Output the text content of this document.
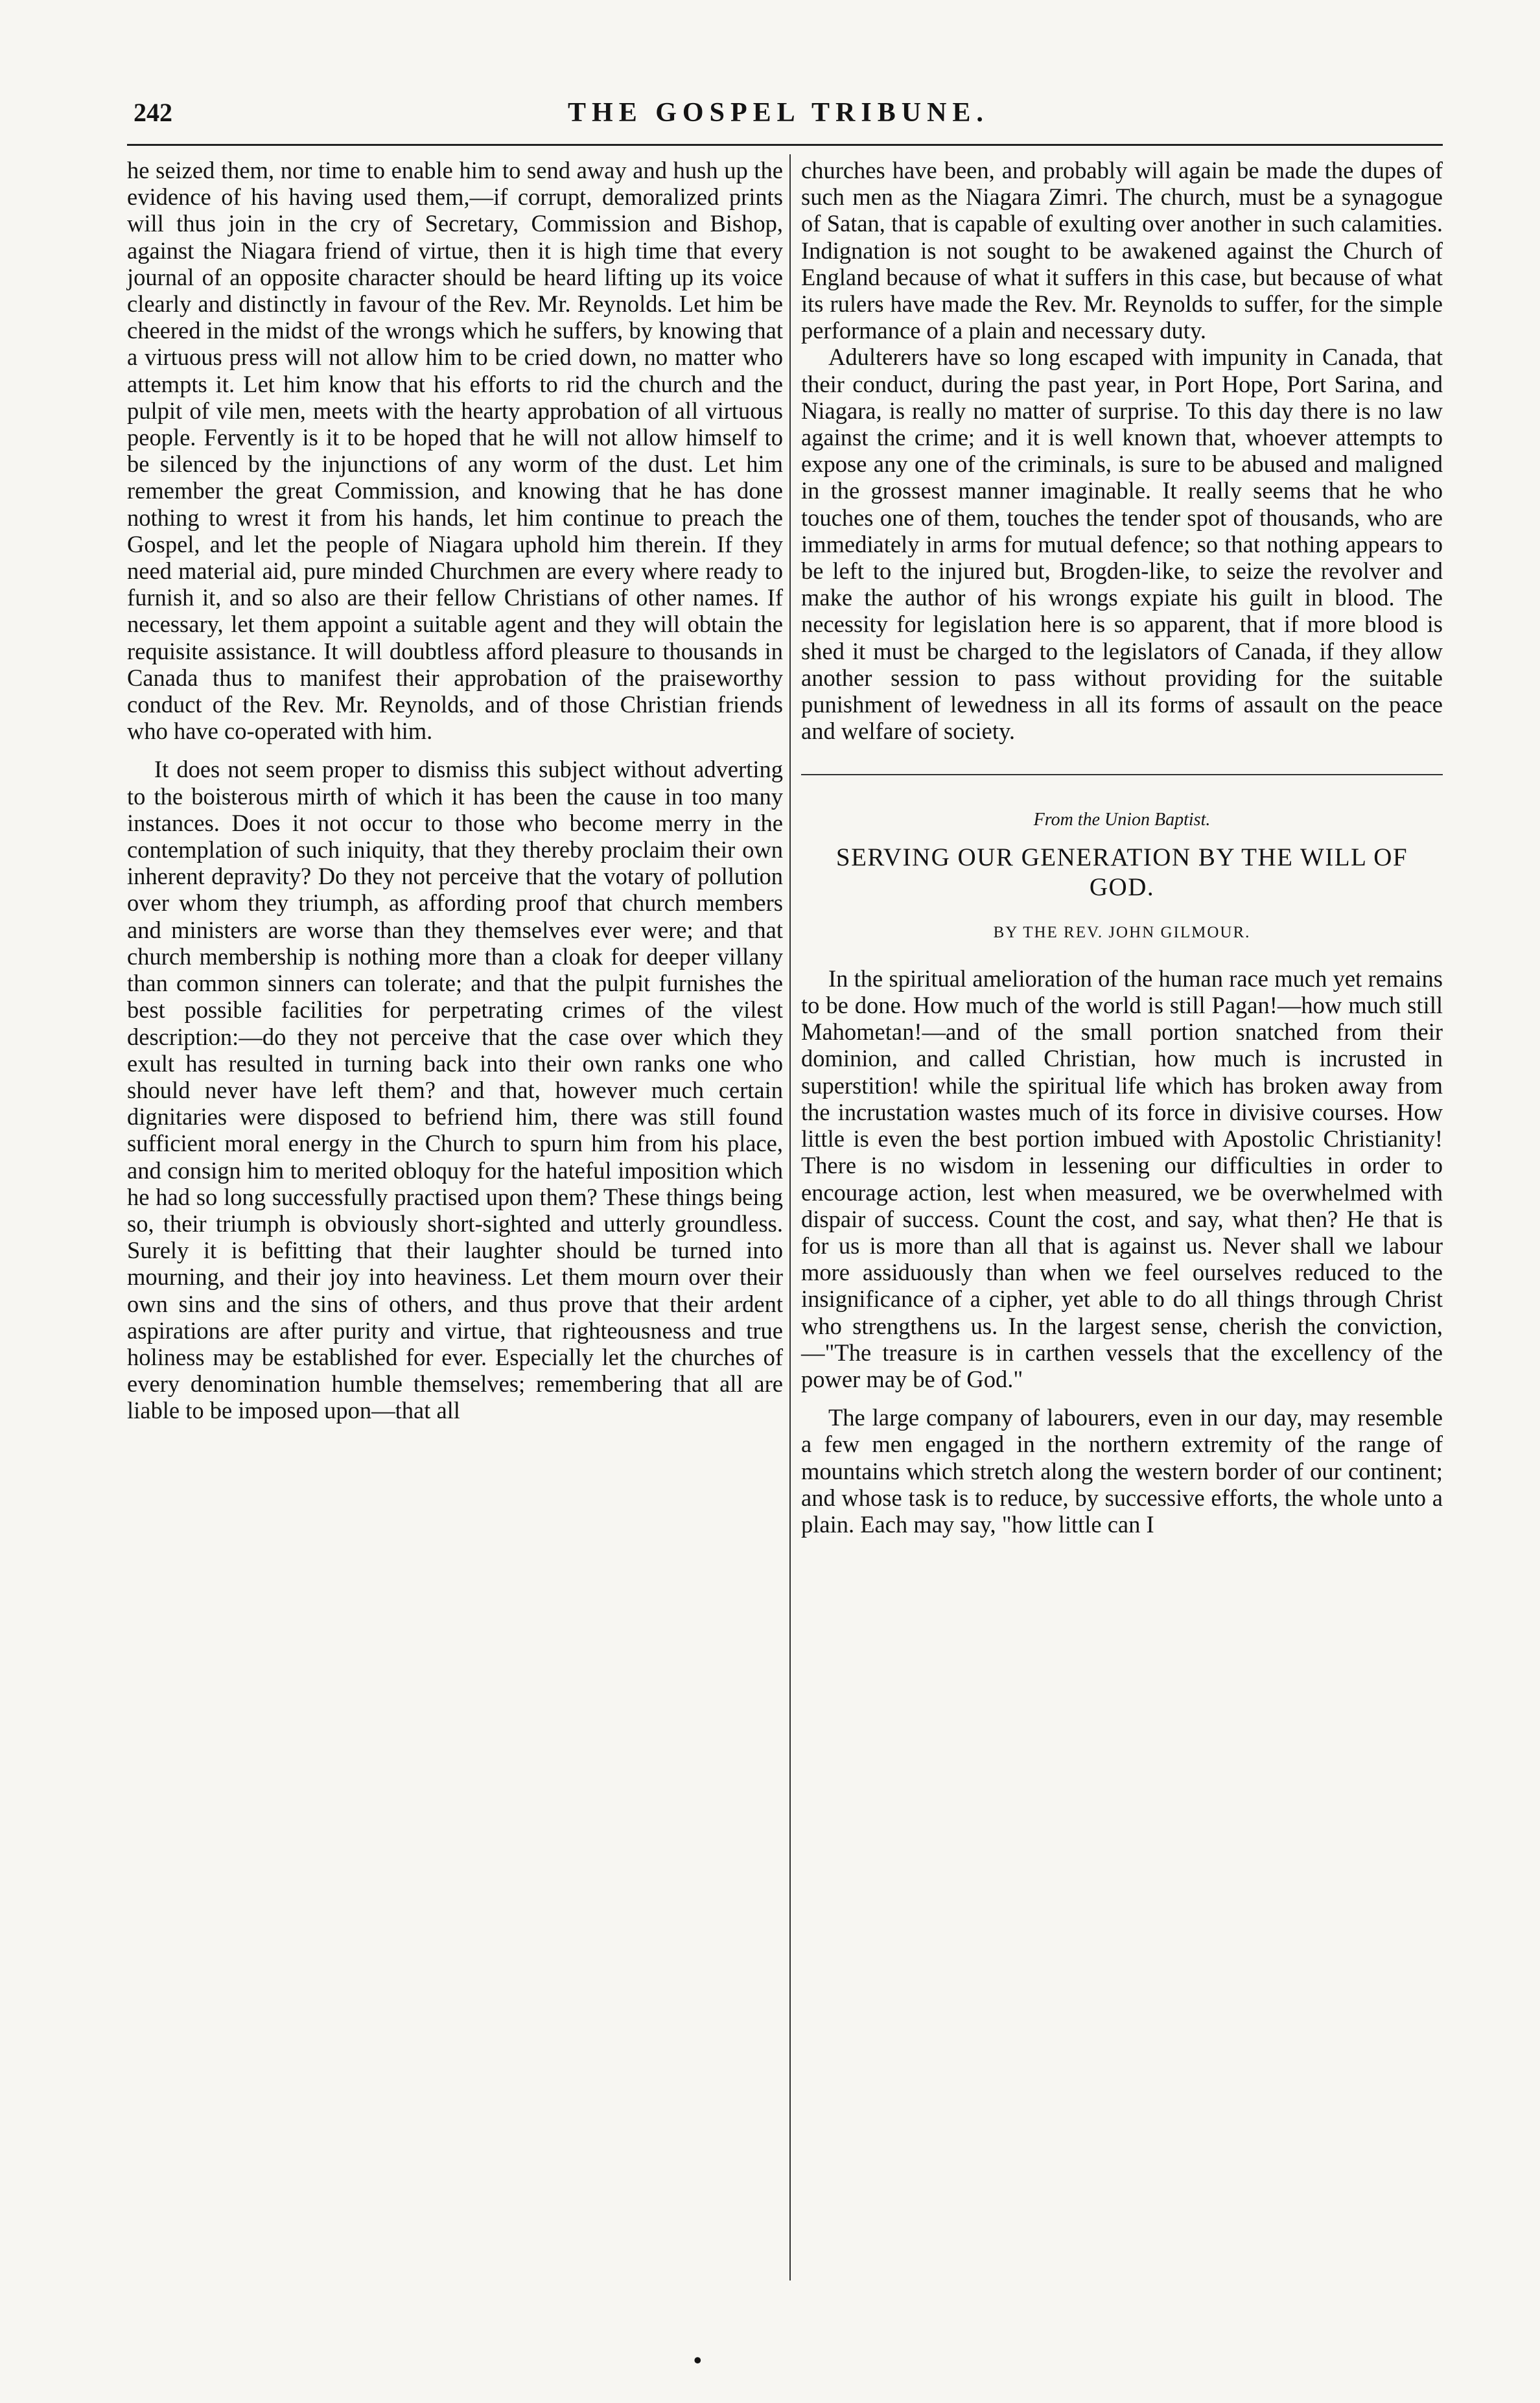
242	THE GOSPEL TRIBUNE.

he seized them, nor time to enable him to send away and hush up the evidence of his having used them,—if corrupt, demoralized prints will thus join in the cry of Secretary, Commission and Bishop, against the Niagara friend of virtue, then it is high time that every journal of an opposite character should be heard lifting up its voice clearly and distinctly in favour of the Rev. Mr. Reynolds. Let him be cheered in the midst of the wrongs which he suffers, by knowing that a virtuous press will not allow him to be cried down, no matter who attempts it. Let him know that his efforts to rid the church and the pulpit of vile men, meets with the hearty approbation of all virtuous people. Fervently is it to be hoped that he will not allow himself to be silenced by the injunctions of any worm of the dust. Let him remember the great Commission, and knowing that he has done nothing to wrest it from his hands, let him continue to preach the Gospel, and let the people of Niagara uphold him therein. If they need material aid, pure minded Churchmen are every where ready to furnish it, and so also are their fellow Christians of other names. If necessary, let them appoint a suitable agent and they will obtain the requisite assistance. It will doubtless afford pleasure to thousands in Canada thus to manifest their approbation of the praiseworthy conduct of the Rev. Mr. Reynolds, and of those Christian friends who have co-operated with him.

It does not seem proper to dismiss this subject without adverting to the boisterous mirth of which it has been the cause in too many instances. Does it not occur to those who become merry in the contemplation of such iniquity, that they thereby proclaim their own inherent depravity? Do they not perceive that the votary of pollution over whom they triumph, as affording proof that church members and ministers are worse than they themselves ever were; and that church membership is nothing more than a cloak for deeper villany than common sinners can tolerate; and that the pulpit furnishes the best possible facilities for perpetrating crimes of the vilest description:—do they not perceive that the case over which they exult has resulted in turning back into their own ranks one who should never have left them? and that, however much certain dignitaries were disposed to befriend him, there was still found sufficient moral energy in the Church to spurn him from his place, and consign him to merited obloquy for the hateful imposition which he had so long successfully practised upon them? These things being so, their triumph is obviously short-sighted and utterly groundless. Surely it is befitting that their laughter should be turned into mourning, and their joy into heaviness. Let them mourn over their own sins and the sins of others, and thus prove that their ardent aspirations are after purity and virtue, that righteousness and true holiness may be established for ever. Especially let the churches of every denomination humble themselves; remembering that all are liable to be imposed upon—that all

churches have been, and probably will again be made the dupes of such men as the Niagara Zimri. The church, must be a synagogue of Satan, that is capable of exulting over another in such calamities. Indignation is not sought to be awakened against the Church of England because of what it suffers in this case, but because of what its rulers have made the Rev. Mr. Reynolds to suffer, for the simple performance of a plain and necessary duty.

Adulterers have so long escaped with impunity in Canada, that their conduct, during the past year, in Port Hope, Port Sarina, and Niagara, is really no matter of surprise. To this day there is no law against the crime; and it is well known that, whoever attempts to expose any one of the criminals, is sure to be abused and maligned in the grossest manner imaginable. It really seems that he who touches one of them, touches the tender spot of thousands, who are immediately in arms for mutual defence; so that nothing appears to be left to the injured but, Brogden-like, to seize the revolver and make the author of his wrongs expiate his guilt in blood. The necessity for legislation here is so apparent, that if more blood is shed it must be charged to the legislators of Canada, if they allow another session to pass without providing for the suitable punishment of lewedness in all its forms of assault on the peace and welfare of society.

From the Union Baptist.

SERVING OUR GENERATION BY THE WILL OF GOD.

BY THE REV. JOHN GILMOUR.

In the spiritual amelioration of the human race much yet remains to be done. How much of the world is still Pagan!—how much still Mahometan!—and of the small portion snatched from their dominion, and called Christian, how much is incrusted in superstition! while the spiritual life which has broken away from the incrustation wastes much of its force in divisive courses. How little is even the best portion imbued with Apostolic Christianity! There is no wisdom in lessening our difficulties in order to encourage action, lest when measured, we be overwhelmed with dispair of success. Count the cost, and say, what then? He that is for us is more than all that is against us. Never shall we labour more assiduously than when we feel ourselves reduced to the insignificance of a cipher, yet able to do all things through Christ who strengthens us. In the largest sense, cherish the conviction,—"The treasure is in carthen vessels that the excellency of the power may be of God."

The large company of labourers, even in our day, may resemble a few men engaged in the northern extremity of the range of mountains which stretch along the western border of our continent; and whose task is to reduce, by successive efforts, the whole unto a plain. Each may say, "how little can I

•
